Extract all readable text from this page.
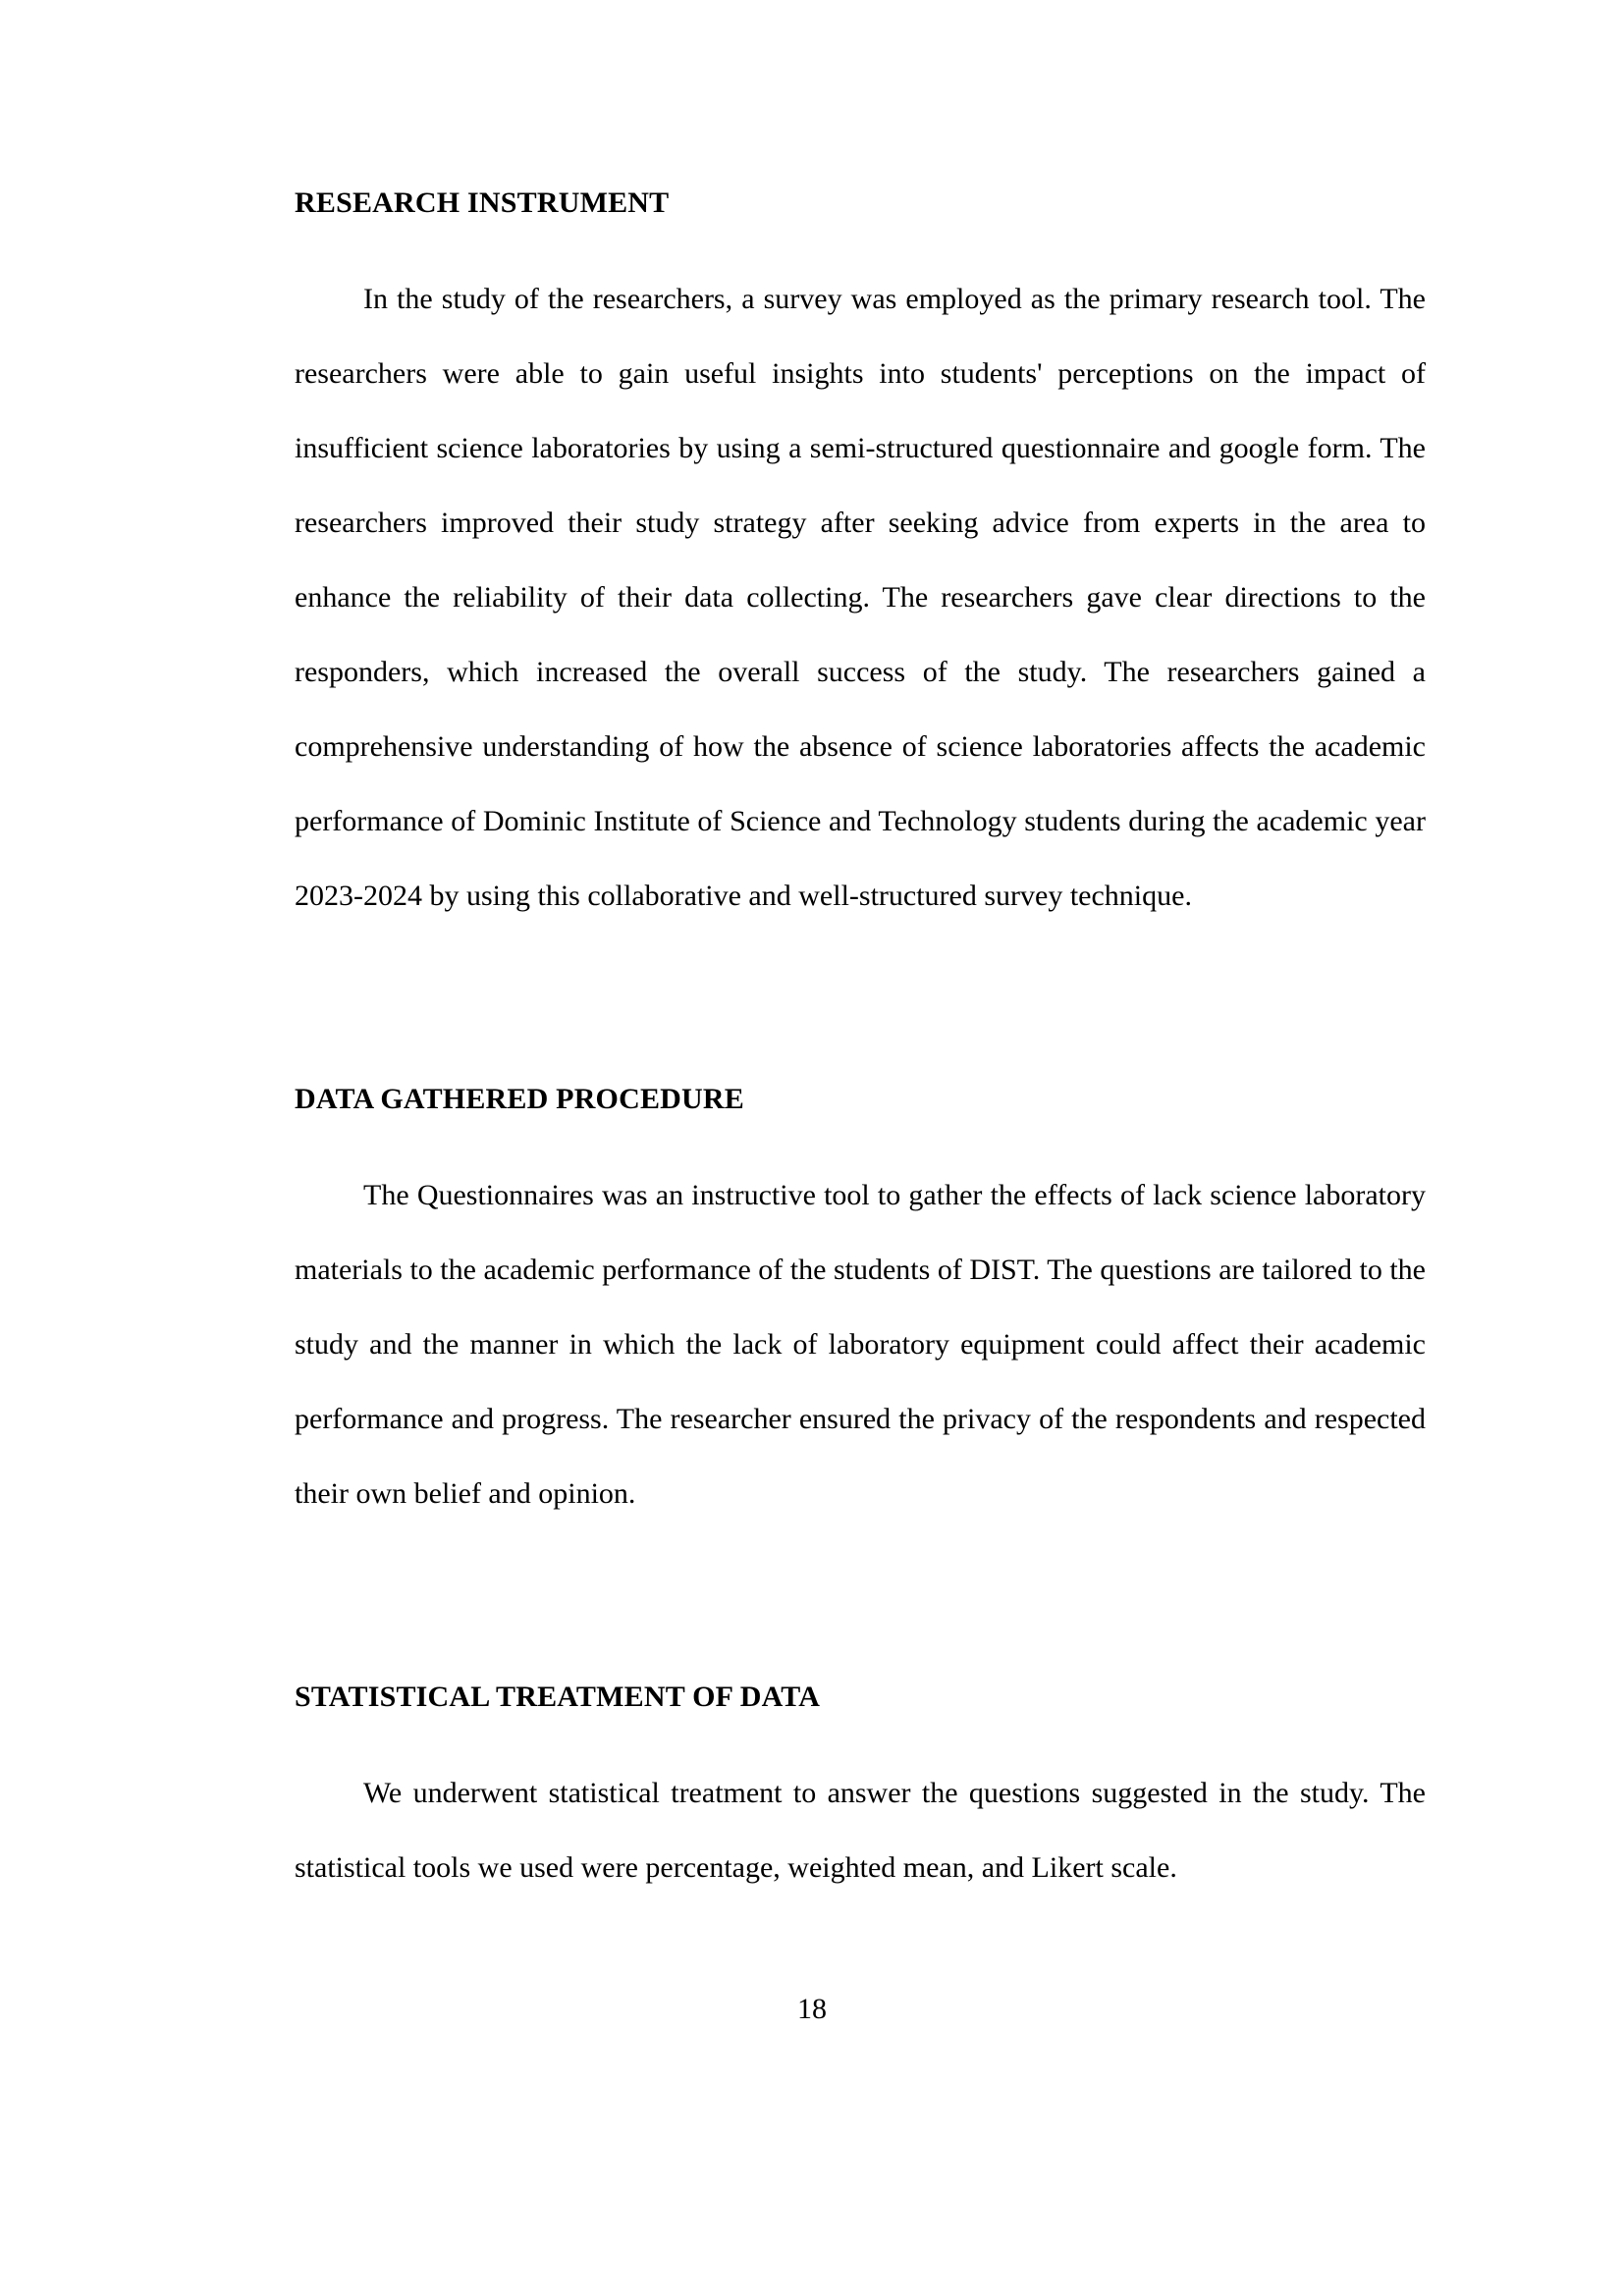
RESEARCH INSTRUMENT

In the study of the researchers, a survey was employed as the primary research tool. The researchers were able to gain useful insights into students' perceptions on the impact of insufficient science laboratories by using a semi-structured questionnaire and google form. The researchers improved their study strategy after seeking advice from experts in the area to enhance the reliability of their data collecting. The researchers gave clear directions to the responders, which increased the overall success of the study. The researchers gained a comprehensive understanding of how the absence of science laboratories affects the academic performance of Dominic Institute of Science and Technology students during the academic year 2023-2024 by using this collaborative and well-structured survey technique.

DATA GATHERED PROCEDURE

The Questionnaires was an instructive tool to gather the effects of lack science laboratory materials to the academic performance of the students of DIST. The questions are tailored to the study and the manner in which the lack of laboratory equipment could affect their academic performance and progress. The researcher ensured the privacy of the respondents and respected their own belief and opinion.

STATISTICAL TREATMENT OF DATA

We underwent statistical treatment to answer the questions suggested in the study. The statistical tools we used were percentage, weighted mean, and Likert scale.

18
